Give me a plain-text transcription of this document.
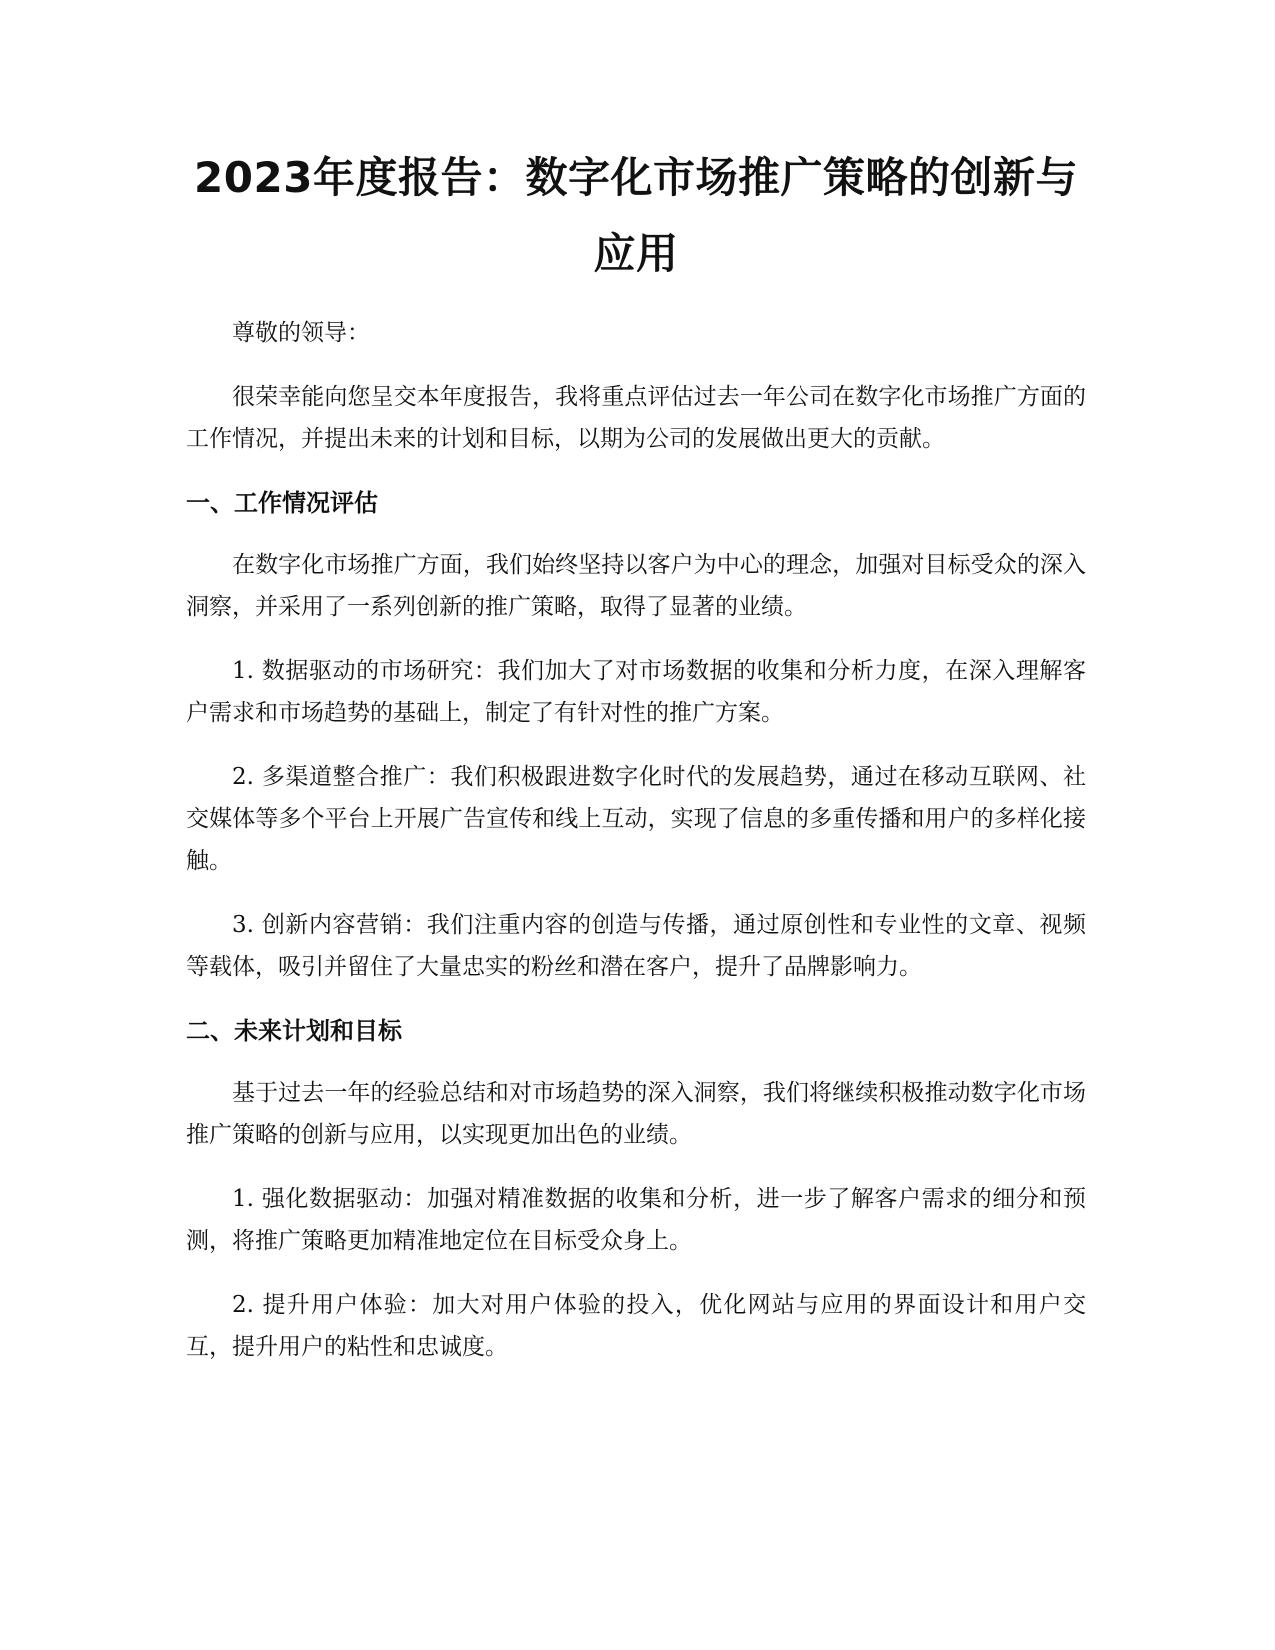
2023年度报告：数字化市场推广策略的创新与应用

尊敬的领导：

很荣幸能向您呈交本年度报告，我将重点评估过去一年公司在数字化市场推广方面的工作情况，并提出未来的计划和目标，以期为公司的发展做出更大的贡献。

一、工作情况评估

在数字化市场推广方面，我们始终坚持以客户为中心的理念，加强对目标受众的深入洞察，并采用了一系列创新的推广策略，取得了显著的业绩。

1. 数据驱动的市场研究：我们加大了对市场数据的收集和分析力度，在深入理解客户需求和市场趋势的基础上，制定了有针对性的推广方案。

2. 多渠道整合推广：我们积极跟进数字化时代的发展趋势，通过在移动互联网、社交媒体等多个平台上开展广告宣传和线上互动，实现了信息的多重传播和用户的多样化接触。

3. 创新内容营销：我们注重内容的创造与传播，通过原创性和专业性的文章、视频等载体，吸引并留住了大量忠实的粉丝和潜在客户，提升了品牌影响力。

二、未来计划和目标

基于过去一年的经验总结和对市场趋势的深入洞察，我们将继续积极推动数字化市场推广策略的创新与应用，以实现更加出色的业绩。

1. 强化数据驱动：加强对精准数据的收集和分析，进一步了解客户需求的细分和预测，将推广策略更加精准地定位在目标受众身上。

2. 提升用户体验：加大对用户体验的投入，优化网站与应用的界面设计和用户交互，提升用户的粘性和忠诚度。
